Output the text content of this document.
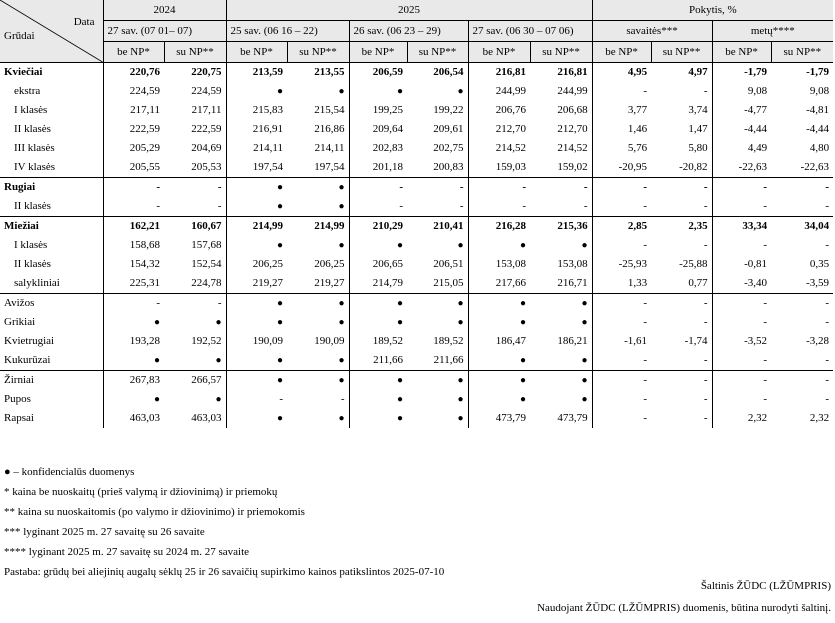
Data
Grūdai	2024		2025						Pokytis, %			
	27 sav. (07 01– 07)		25 sav. (06 16 – 22)		26 sav. (06 23 – 29)		27 sav. (06 30 – 07 06)		savaitės***		metų****	
	be NP*	su NP**	be NP*	su NP**	be NP*	su NP**	be NP*	su NP**	be NP*	su NP**	be NP*	su NP**
Kviečiai	220,76	220,75	213,59	213,55	206,59	206,54	216,81	216,81	4,95	4,97	-1,79	-1,79
ekstra	224,59	224,59	●	●	●	●	244,99	244,99	-	-	9,08	9,08
I klasės	217,11	217,11	215,83	215,54	199,25	199,22	206,76	206,68	3,77	3,74	-4,77	-4,81
II klasės	222,59	222,59	216,91	216,86	209,64	209,61	212,70	212,70	1,46	1,47	-4,44	-4,44
III klasės	205,29	204,69	214,11	214,11	202,83	202,75	214,52	214,52	5,76	5,80	4,49	4,80
IV klasės	205,55	205,53	197,54	197,54	201,18	200,83	159,03	159,02	-20,95	-20,82	-22,63	-22,63
Rugiai	-	-	●	●	-	-	-	-	-	-	-	-
II klasės	-	-	●	●	-	-	-	-	-	-	-	-
Miežiai	162,21	160,67	214,99	214,99	210,29	210,41	216,28	215,36	2,85	2,35	33,34	34,04
I klasės	158,68	157,68	●	●	●	●	●	●	-	-	-	-
II klasės	154,32	152,54	206,25	206,25	206,65	206,51	153,08	153,08	-25,93	-25,88	-0,81	0,35
salykliniai	225,31	224,78	219,27	219,27	214,79	215,05	217,66	216,71	1,33	0,77	-3,40	-3,59
Avižos	-	-	●	●	●	●	●	●	-	-	-	-
Grikiai	●	●	●	●	●	●	●	●	-	-	-	-
Kvietrugiai	193,28	192,52	190,09	190,09	189,52	189,52	186,47	186,21	-1,61	-1,74	-3,52	-3,28
Kukurūzai	●	●	●	●	211,66	211,66	●	●	-	-	-	-
Žirniai	267,83	266,57	●	●	●	●	●	●	-	-	-	-
Pupos	●	●	-	-	●	●	●	●	-	-	-	-
Rapsai	463,03	463,03	●	●	●	●	473,79	473,79	-	-	2,32	2,32
● – konfidencialūs duomenys
* kaina be nuoskaitų (prieš valymą ir džiovinimą) ir priemokų
** kaina su nuoskaitomis (po valymo ir džiovinimo) ir priemokomis
*** lyginant 2025 m. 27 savaitę su 26 savaite
**** lyginant 2025 m. 27 savaitę su 2024 m. 27 savaite
Pastaba: grūdų bei aliejinių augalų sėklų 25 ir 26 savaičių supirkimo kainos patikslintos 2025-07-10
Šaltinis ŽŪDC (LŽŪMPRIS)
Naudojant ŽŪDC (LŽŪMPRIS) duomenis, būtina nurodyti šaltinį.
